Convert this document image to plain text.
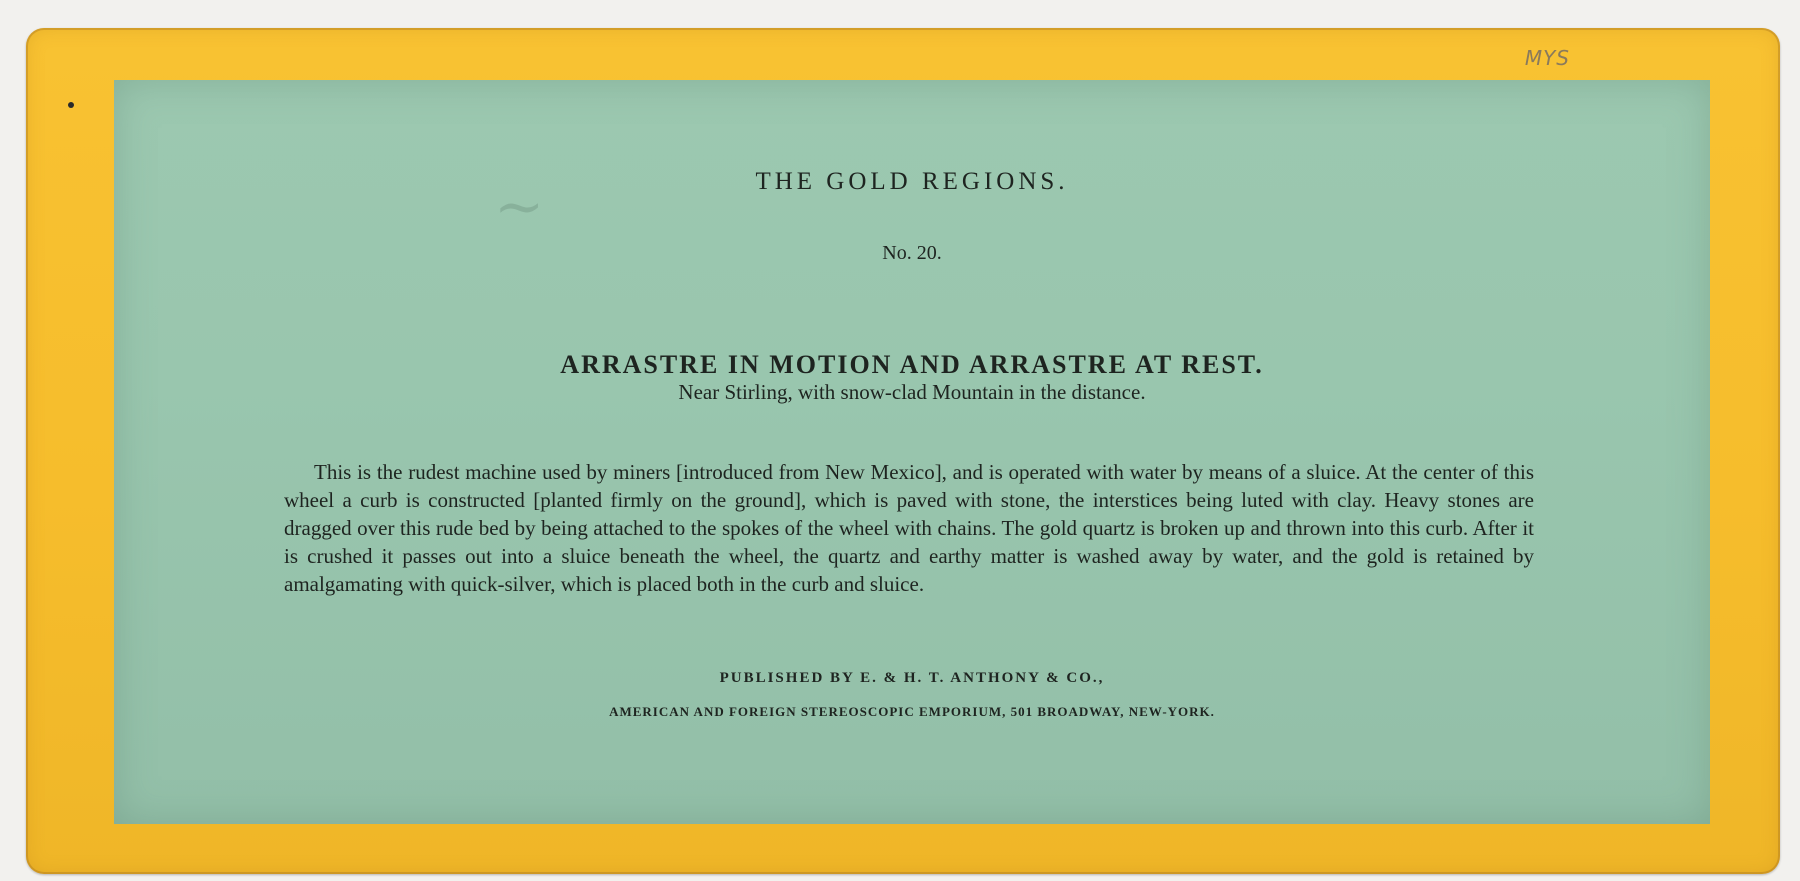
MYS
~	THE GOLD REGIONS.
No. 20.
ARRASTRE IN MOTION AND ARRASTRE AT REST.
Near Stirling, with snow-clad Mountain in the distance.
This is the rudest machine used by miners [introduced from New Mexico], and is operated with water by means of a sluice. At the center of this wheel a curb is constructed [planted firmly on the ground], which is paved with stone, the interstices being luted with clay. Heavy stones are dragged over this rude bed by being attached to the spokes of the wheel with chains. The gold quartz is broken up and thrown into this curb. After it is crushed it passes out into a sluice beneath the wheel, the quartz and earthy matter is washed away by water, and the gold is retained by amalgamating with quick-silver, which is placed both in the curb and sluice.
PUBLISHED BY E. & H. T. ANTHONY & CO.,
AMERICAN AND FOREIGN STEREOSCOPIC EMPORIUM, 501 BROADWAY, NEW-YORK.
